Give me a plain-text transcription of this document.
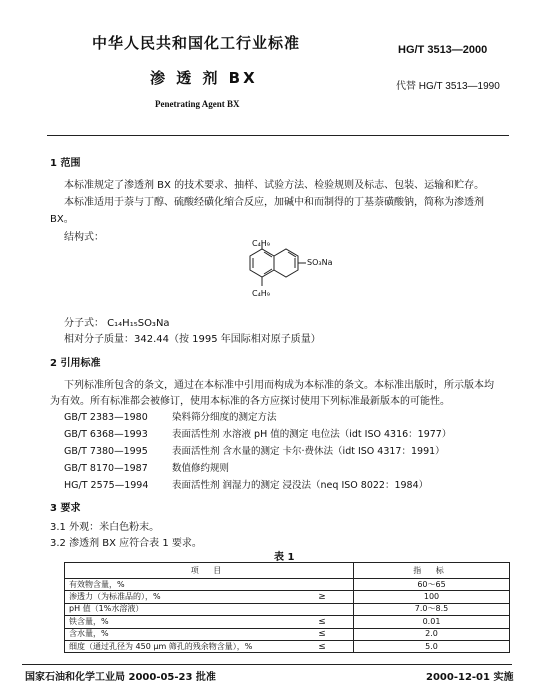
中华人民共和国化工行业标准	HG/T 3513—2000
渗 透 剂 BX	代替 HG/T 3513—1990
Penetrating Agent BX
1 范围
本标准规定了渗透剂 BX 的技术要求、抽样、试验方法、检验规则及标志、包装、运输和贮存。
本标准适用于萘与丁醇、硫酸经磺化缩合反应，加碱中和而制得的丁基萘磺酸钠，简称为渗透剂
BX。
结构式：
C₄H₉
SO₃Na
C₄H₉
分子式： C₁₄H₁₅SO₃Na
相对分子质量：342.44（按 1995 年国际相对原子质量）
2 引用标准
下列标准所包含的条文，通过在本标准中引用而构成为本标准的条文。本标准出版时，所示版本均
为有效。所有标准都会被修订，使用本标准的各方应探讨使用下列标准最新版本的可能性。
GB/T 2383—1980	染料筛分细度的测定方法
GB/T 6368—1993	表面活性剂 水溶液 pH 值的测定 电位法（idt ISO 4316：1977）
GB/T 7380—1995	表面活性剂 含水量的测定 卡尔·费休法（idt ISO 4317：1991）
GB/T 8170—1987	数值修约规则
HG/T 2575—1994 表面活性剂 润湿力的测定 浸没法（neq ISO 8022：1984）
3 要求
3.1 外观：米白色粉末。
3.2 渗透剂 BX 应符合表 1 要求。
表 1
项 目		指 标
有效物含量，%		60～65
渗透力（为标准品的），%	≥	100
pH 值（1%水溶液）		7.0～8.5
铁含量，%	≤	0.01
含水量，%	≤	2.0
细度（通过孔径为 450 μm 筛孔的残余物含量），%	≤	5.0
国家石油和化学工业局 2000-05-23 批准	2000-12-01 实施
